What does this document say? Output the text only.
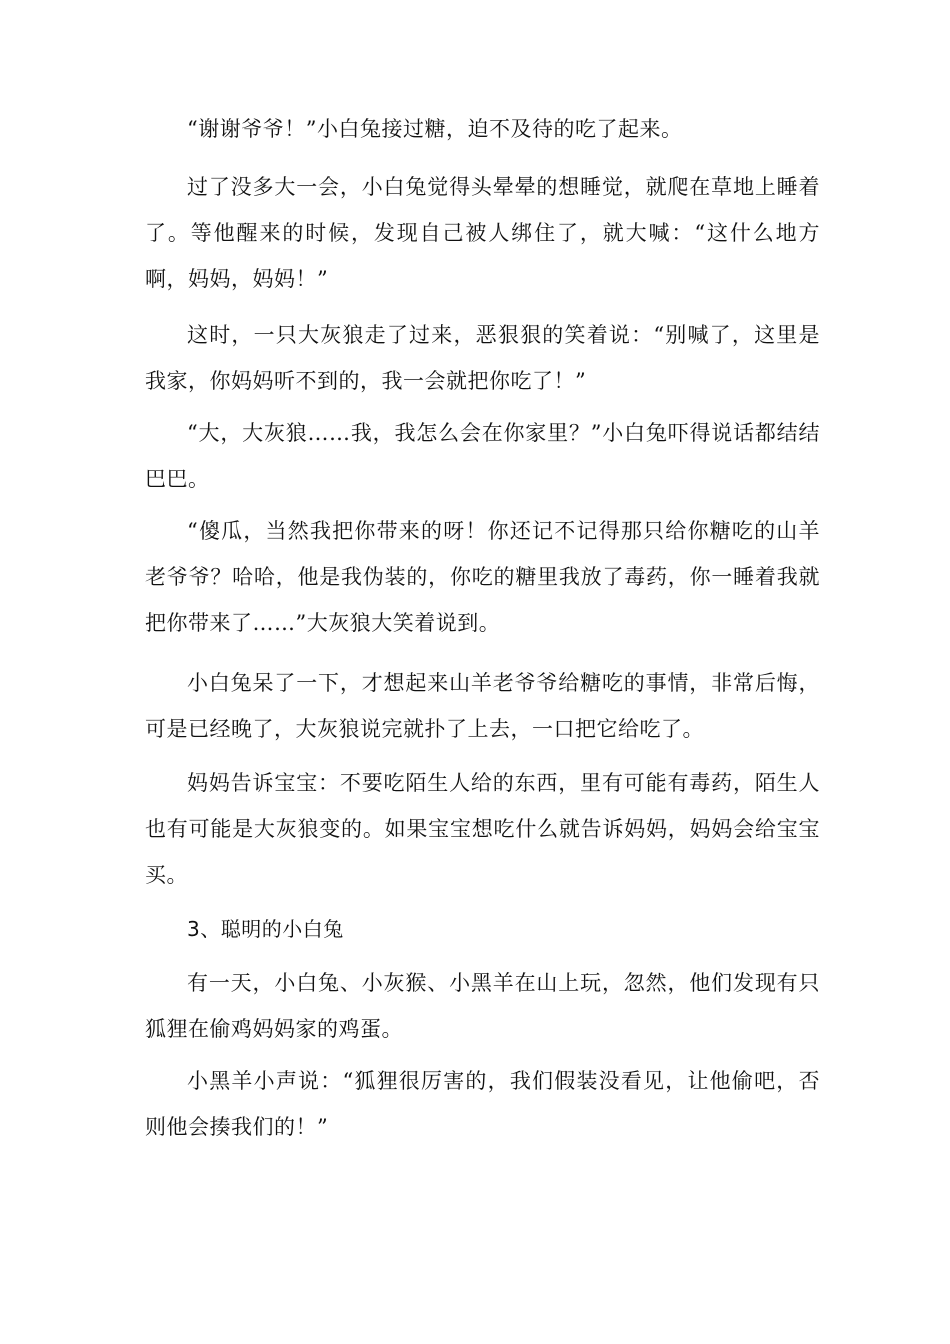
“谢谢爷爷！”小白兔接过糖，迫不及待的吃了起来。

过了没多大一会，小白兔觉得头晕晕的想睡觉，就爬在草地上睡着了。等他醒来的时候，发现自己被人绑住了，就大喊：“这什么地方啊，妈妈，妈妈！”

这时，一只大灰狼走了过来，恶狠狠的笑着说：“别喊了，这里是我家，你妈妈听不到的，我一会就把你吃了！”

“大，大灰狼……我，我怎么会在你家里？”小白兔吓得说话都结结巴巴。

“傻瓜，当然我把你带来的呀！你还记不记得那只给你糖吃的山羊老爷爷？哈哈，他是我伪装的，你吃的糖里我放了毒药，你一睡着我就把你带来了……”大灰狼大笑着说到。

小白兔呆了一下，才想起来山羊老爷爷给糖吃的事情，非常后悔，可是已经晚了，大灰狼说完就扑了上去，一口把它给吃了。

妈妈告诉宝宝：不要吃陌生人给的东西，里有可能有毒药，陌生人也有可能是大灰狼变的。如果宝宝想吃什么就告诉妈妈，妈妈会给宝宝买。

3、聪明的小白兔

有一天，小白兔、小灰猴、小黑羊在山上玩，忽然，他们发现有只狐狸在偷鸡妈妈家的鸡蛋。

小黑羊小声说：“狐狸很厉害的，我们假装没看见，让他偷吧，否则他会揍我们的！”
